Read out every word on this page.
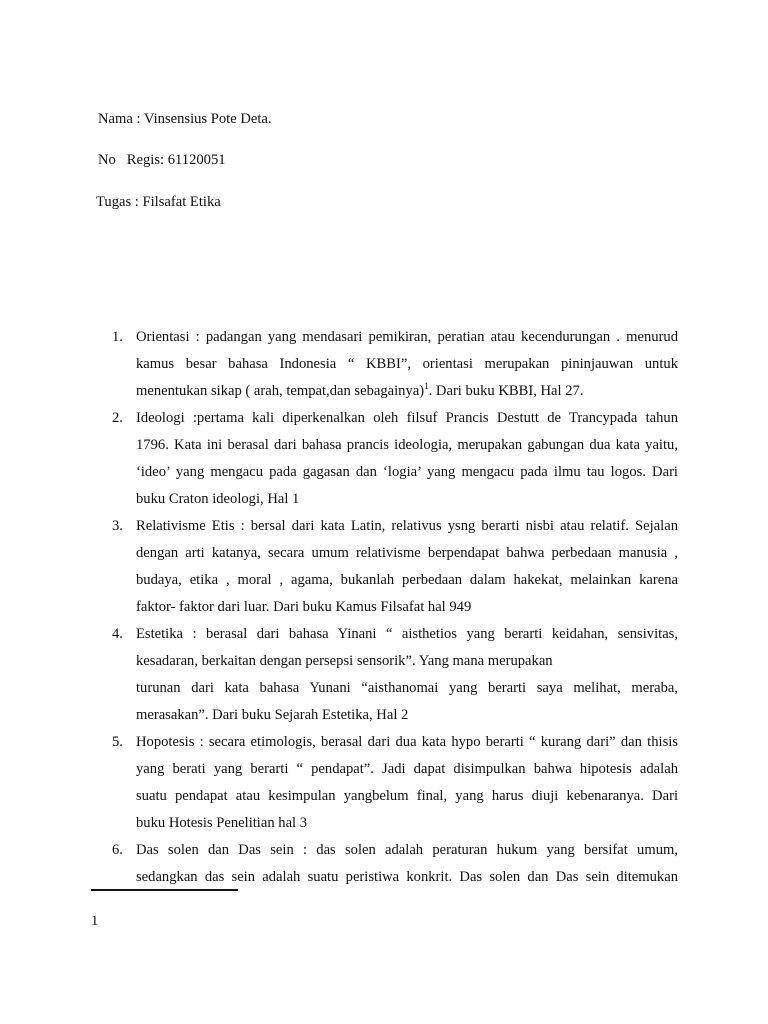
Nama : Vinsensius Pote Deta.
No   Regis: 61120051
Tugas : Filsafat Etika
1. Orientasi : padangan yang mendasari pemikiran, peratian atau kecendurungan . menurud
kamus besar bahasa Indonesia “ KBBI”, orientasi merupakan pininjauwan untuk
menentukan sikap ( arah, tempat,dan sebagainya)$^1$. Dari buku KBBI, Hal 27.
2. Ideologi :pertama kali diperkenalkan oleh filsuf Prancis Destutt de Trancypada tahun
1796. Kata ini berasal dari bahasa prancis ideologia, merupakan gabungan dua kata yaitu,
‘ideo’ yang mengacu pada gagasan dan ‘logia’ yang mengacu pada ilmu tau logos. Dari
buku Craton ideologi, Hal 1
3. Relativisme Etis : bersal dari kata Latin, relativus ysng berarti nisbi atau relatif. Sejalan
dengan arti katanya, secara umum relativisme berpendapat bahwa perbedaan manusia ,
budaya, etika , moral , agama, bukanlah perbedaan dalam hakekat, melainkan karena
faktor- faktor dari luar. Dari buku Kamus Filsafat hal 949
4. Estetika : berasal dari bahasa Yinani “ aisthetios yang berarti keidahan, sensivitas,
kesadaran, berkaitan dengan persepsi sensorik”. Yang mana merupakan
turunan dari kata bahasa Yunani “aisthanomai yang berarti saya melihat, meraba,
merasakan”. Dari buku Sejarah Estetika, Hal 2
5. Hopotesis : secara etimologis, berasal dari dua kata hypo berarti “ kurang dari” dan thisis
yang berati yang berarti “ pendapat”. Jadi dapat disimpulkan bahwa hipotesis adalah
suatu pendapat atau kesimpulan yangbelum final, yang harus diuji kebenaranya. Dari
buku Hotesis Penelitian hal 3
6. Das solen dan Das sein : das solen adalah peraturan hukum yang bersifat umum,
sedangkan das sein adalah suatu peristiwa konkrit. Das solen dan Das sein ditemukan
1
